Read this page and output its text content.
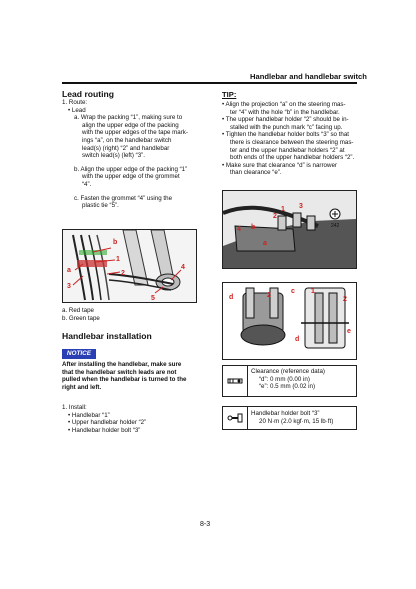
Handlebar and handlebar switch
Lead routing
1. Route:
• Lead
a. Wrap the packing “1”, making sure to
align the upper edge of the packing
with the upper edges of the tape mark-
ings “a”, on the handlebar switch
lead(s) (right) “2” and handlebar
switch lead(s) (left) “3”.
b. Align the upper edge of the packing “1”
with the upper edge of the grommet
“4”.
c. Fasten the grommet “4” using the
plastic tie “5”.
b
1
a	2
3
4
5
a. Red tape
b. Green tape
Handlebar installation
NOTICE
After installing the handlebar, make sure
that the handlebar switch leads are not
pulled when the handlebar is turned to the
right and left.
1. Install:
• Handlebar “1”
• Upper handlebar holder “2”
• Handlebar holder bolt “3”
TIP:
• Align the projection “a” on the steering mas-
ter “4” with the hole “b” in the handlebar.
• The upper handlebar holder “2” should be in-
stalled with the punch mark “c” facing up.
• Tighten the handlebar holder bolts “3” so that
there is clearance between the steering mas-
ter and the upper handlebar holders “2” at
both ends of the upper handlebar holders “2”.
• Make sure that clearance “d” is narrower
than clearance “e”.
242
1
2
3
4 b
a
d	2
c 1
2
e
d
Clearance (reference data)
“d”: 0 mm (0.00 in)
“e”: 0.5 mm (0.02 in)
Handlebar holder bolt “3”
20 N·m (2.0 kgf·m, 15 lb·ft)
8-3
